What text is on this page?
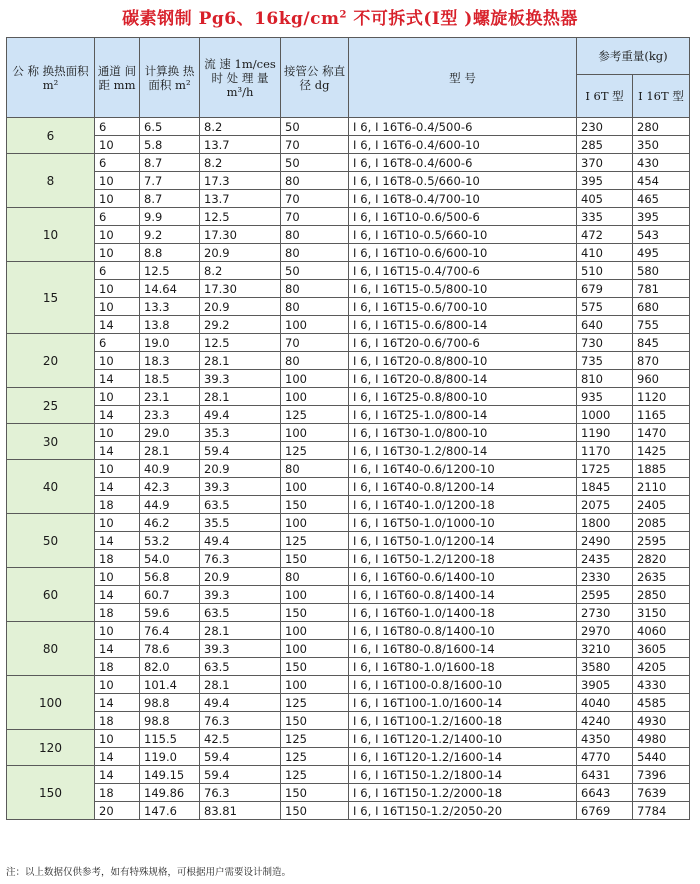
碳素钢制 Pg6、$16kg/cm^2$ 不可拆式(Ⅰ型 )螺旋板换热器
公 称 换热面积 m²	通道 间距 mm	计算换 热面积 m²	流 速 1m/ces时 处 理 量 m³/h	接管公 称直径 dg	型 号	参考重量(kg)	
						Ⅰ 6T 型	Ⅰ 16T 型
6	6	6.5	8.2	50	Ⅰ 6, Ⅰ 16T6-0.4/500-6	230	280
	10	5.8	13.7	70	Ⅰ 6, Ⅰ 16T6-0.4/600-10	285	350
8	6	8.7	8.2	50	Ⅰ 6, Ⅰ 16T8-0.4/600-6	370	430
	10	7.7	17.3	80	Ⅰ 6, Ⅰ 16T8-0.5/660-10	395	454
	10	8.7	13.7	70	Ⅰ 6, Ⅰ 16T8-0.4/700-10	405	465
10	6	9.9	12.5	70	Ⅰ 6, Ⅰ 16T10-0.6/500-6	335	395
	10	9.2	17.30	80	Ⅰ 6, Ⅰ 16T10-0.5/660-10	472	543
	10	8.8	20.9	80	Ⅰ 6, Ⅰ 16T10-0.6/600-10	410	495
15	6	12.5	8.2	50	Ⅰ 6, Ⅰ 16T15-0.4/700-6	510	580
	10	14.64	17.30	80	Ⅰ 6, Ⅰ 16T15-0.5/800-10	679	781
	10	13.3	20.9	80	Ⅰ 6, Ⅰ 16T15-0.6/700-10	575	680
	14	13.8	29.2	100	Ⅰ 6, Ⅰ 16T15-0.6/800-14	640	755
20	6	19.0	12.5	70	Ⅰ 6, Ⅰ 16T20-0.6/700-6	730	845
	10	18.3	28.1	80	Ⅰ 6, Ⅰ 16T20-0.8/800-10	735	870
	14	18.5	39.3	100	Ⅰ 6, Ⅰ 16T20-0.8/800-14	810	960
25	10	23.1	28.1	100	Ⅰ 6, Ⅰ 16T25-0.8/800-10	935	1120
	14	23.3	49.4	125	Ⅰ 6, Ⅰ 16T25-1.0/800-14	1000	1165
30	10	29.0	35.3	100	Ⅰ 6, Ⅰ 16T30-1.0/800-10	1190	1470
	14	28.1	59.4	125	Ⅰ 6, Ⅰ 16T30-1.2/800-14	1170	1425
40	10	40.9	20.9	80	Ⅰ 6, Ⅰ 16T40-0.6/1200-10	1725	1885
	14	42.3	39.3	100	Ⅰ 6, Ⅰ 16T40-0.8/1200-14	1845	2110
	18	44.9	63.5	150	Ⅰ 6, Ⅰ 16T40-1.0/1200-18	2075	2405
50	10	46.2	35.5	100	Ⅰ 6, Ⅰ 16T50-1.0/1000-10	1800	2085
	14	53.2	49.4	125	Ⅰ 6, Ⅰ 16T50-1.0/1200-14	2490	2595
	18	54.0	76.3	150	Ⅰ 6, Ⅰ 16T50-1.2/1200-18	2435	2820
60	10	56.8	20.9	80	Ⅰ 6, Ⅰ 16T60-0.6/1400-10	2330	2635
	14	60.7	39.3	100	Ⅰ 6, Ⅰ 16T60-0.8/1400-14	2595	2850
	18	59.6	63.5	150	Ⅰ 6, Ⅰ 16T60-1.0/1400-18	2730	3150
80	10	76.4	28.1	100	Ⅰ 6, Ⅰ 16T80-0.8/1400-10	2970	4060
	14	78.6	39.3	100	Ⅰ 6, Ⅰ 16T80-0.8/1600-14	3210	3605
	18	82.0	63.5	150	Ⅰ 6, Ⅰ 16T80-1.0/1600-18	3580	4205
100	10	101.4	28.1	100	Ⅰ 6, Ⅰ 16T100-0.8/1600-10	3905	4330
	14	98.8	49.4	125	Ⅰ 6, Ⅰ 16T100-1.0/1600-14	4040	4585
	18	98.8	76.3	150	Ⅰ 6, Ⅰ 16T100-1.2/1600-18	4240	4930
120	10	115.5	42.5	125	Ⅰ 6, Ⅰ 16T120-1.2/1400-10	4350	4980
	14	119.0	59.4	125	Ⅰ 6, Ⅰ 16T120-1.2/1600-14	4770	5440
150	14	149.15	59.4	125	Ⅰ 6, Ⅰ 16T150-1.2/1800-14	6431	7396
	18	149.86	76.3	150	Ⅰ 6, Ⅰ 16T150-1.2/2000-18	6643	7639
	20	147.6	83.81	150	Ⅰ 6, Ⅰ 16T150-1.2/2050-20	6769	7784
注：以上数据仅供参考，如有特殊规格，可根据用户需要设计制造。
